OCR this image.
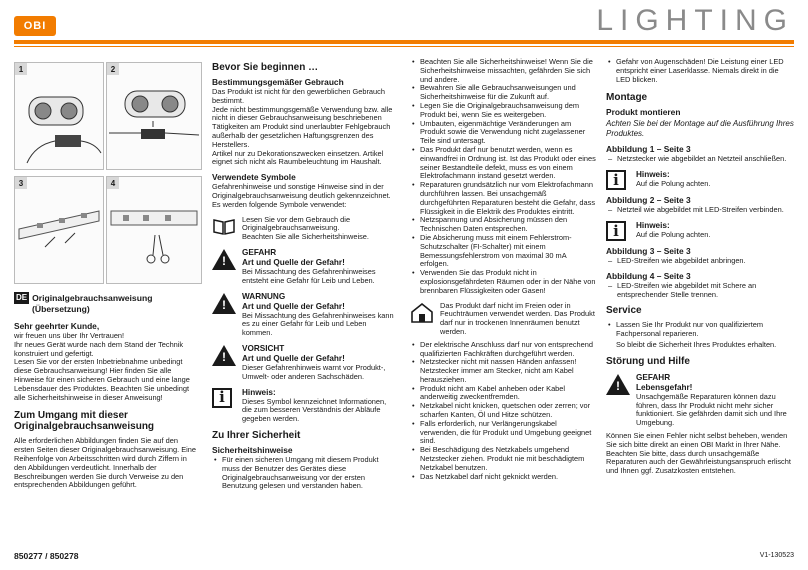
OBI	LIGHTING
1	2
3	4
DE Originalgebrauchsanweisung
(Übersetzung)
Sehr geehrter Kunde,
wir freuen uns über Ihr Vertrauen!
Ihr neues Gerät wurde nach dem Stand der Technik konstruiert und gefertigt.
Lesen Sie vor der ersten Inbetriebnahme unbedingt diese Gebrauchsanweisung! Hier finden Sie alle Hinweise für einen sicheren Gebrauch und eine lange Lebensdauer des Produktes. Beachten Sie unbedingt alle Sicherheitshinweise in dieser Anweisung!
Zum Umgang mit dieser Originalgebrauchsanweisung
Alle erforderlichen Abbildungen finden Sie auf den ersten Seiten dieser Originalgebrauchsanweisung. Eine Reihenfolge von Arbeitsschritten wird durch Ziffern in den Abbildungen verdeutlicht. Innerhalb der Beschreibungen werden Sie durch Verweise zu den entsprechenden Abbildungen geführt.
Bevor Sie beginnen …
Bestimmungsgemäßer Gebrauch
Das Produkt ist nicht für den gewerblichen Gebrauch bestimmt.
Jede nicht bestimmungsgemäße Verwendung bzw. alle nicht in dieser Gebrauchsanweisung beschriebenen Tätigkeiten am Produkt sind unerlaubter Fehlgebrauch außerhalb der gesetzlichen Haftungsgrenzen des Herstellers.
Artikel nur zu Dekorationszwecken einsetzen. Artikel eignet sich nicht als Raumbeleuchtung im Haushalt.
Verwendete Symbole
Gefahrenhinweise und sonstige Hinweise sind in der Originalgebrauchsanweisung deutlich gekennzeichnet.
Es werden folgende Symbole verwendet:
Lesen Sie vor dem Gebrauch die Originalgebrauchsanweisung.
Beachten Sie alle Sicherheitshinweise.
!
GEFAHR
Art und Quelle der Gefahr!
Bei Missachtung des Gefahrenhinweises entsteht eine Gefahr für Leib und Leben.
!
WARNUNG
Art und Quelle der Gefahr!
Bei Missachtung des Gefahrenhinweises kann es zu einer Gefahr für Leib und Leben kommen.
!
VORSICHT
Art und Quelle der Gefahr!
Dieser Gefahrenhinweis warnt vor Produkt-, Umwelt- oder anderen Sachschäden.
i	Hinweis:
Dieses Symbol kennzeichnet Informationen, die zum besseren Verständnis der Abläufe gegeben werden.
Zu Ihrer Sicherheit
Sicherheitshinweise
• Für einen sicheren Umgang mit diesem Produkt muss der Benutzer des Gerätes diese Originalgebrauchsanweisung vor der ersten Benutzung gelesen und verstanden haben.
• Beachten Sie alle Sicherheitshinweise! Wenn Sie die Sicherheitshinweise missachten, gefährden Sie sich und andere.
• Bewahren Sie alle Gebrauchsanweisungen und Sicherheitshinweise für die Zukunft auf.
• Legen Sie die Originalgebrauchsanweisung dem Produkt bei, wenn Sie es weitergeben.
• Umbauten, eigenmächtige Veränderungen am Produkt sowie die Verwendung nicht zugelassener Teile sind untersagt.
• Das Produkt darf nur benutzt werden, wenn es einwandfrei in Ordnung ist. Ist das Produkt oder eines seiner Bestandteile defekt, muss es von einem Elektrofachmann instand gesetzt werden.
• Reparaturen grundsätzlich nur vom Elektrofachmann durchführen lassen. Bei unsachgemäß durchgeführten Reparaturen besteht die Gefahr, dass Flüssigkeit in die Elektrik des Produktes eintritt.
• Netzspannung und Absicherung müssen den Technischen Daten entsprechen.
• Die Absicherung muss mit einem Fehlerstrom-Schutzschalter (FI-Schalter) mit einem Bemessungsfehlerstrom von maximal 30 mA erfolgen.
• Verwenden Sie das Produkt nicht in explosionsgefährdeten Räumen oder in der Nähe von brennbaren Flüssigkeiten oder Gasen!
Das Produkt darf nicht im Freien oder in Feuchträumen verwendet werden. Das Produkt darf nur in trockenen Innenräumen benutzt werden.
• Der elektrische Anschluss darf nur von entsprechend qualifizierten Fachkräften durchgeführt werden.
• Netzstecker nicht mit nassen Händen anfassen! Netzstecker immer am Stecker, nicht am Kabel herausziehen.
• Produkt nicht am Kabel anheben oder Kabel anderweitig zweckentfremden.
• Netzkabel nicht knicken, quetschen oder zerren; vor scharfen Kanten, Öl und Hitze schützen.
• Falls erforderlich, nur Verlängerungskabel verwenden, die für Produkt und Umgebung geeignet sind.
• Bei Beschädigung des Netzkabels umgehend Netzstecker ziehen. Produkt nie mit beschädigtem Netzkabel benutzen.
• Das Netzkabel darf nicht geknickt werden.
• Gefahr von Augenschäden! Die Leistung einer LED entspricht einer Laserklasse. Niemals direkt in die LED blicken.
Montage
Produkt montieren
Achten Sie bei der Montage auf die Ausführung Ihres Produktes.
Abbildung 1 – Seite 3
– Netzstecker wie abgebildet an Netzteil anschließen.
i	Hinweis:
Auf die Polung achten.
Abbildung 2 – Seite 3
– Netzteil wie abgebildet mit LED-Streifen verbinden.
i	Hinweis:
Auf die Polung achten.
Abbildung 3 – Seite 3
– LED-Streifen wie abgebildet anbringen.
Abbildung 4 – Seite 3
– LED-Streifen wie abgebildet mit Schere an entsprechender Stelle trennen.
Service
• Lassen Sie Ihr Produkt nur von qualifiziertem Fachpersonal reparieren.
So bleibt die Sicherheit Ihres Produktes erhalten.
Störung und Hilfe
!
GEFAHR
Lebensgefahr!
Unsachgemäße Reparaturen können dazu führen, dass Ihr Produkt nicht mehr sicher funktioniert. Sie gefährden damit sich und Ihre Umgebung.
Können Sie einen Fehler nicht selbst beheben, wenden Sie sich bitte direkt an einen OBI Markt in Ihrer Nähe. Beachten Sie bitte, dass durch unsachgemäße Reparaturen auch der Gewährleistungsanspruch erlischt und Ihnen ggf. Zusatzkosten entstehen.
850277 / 850278	V1-130523
